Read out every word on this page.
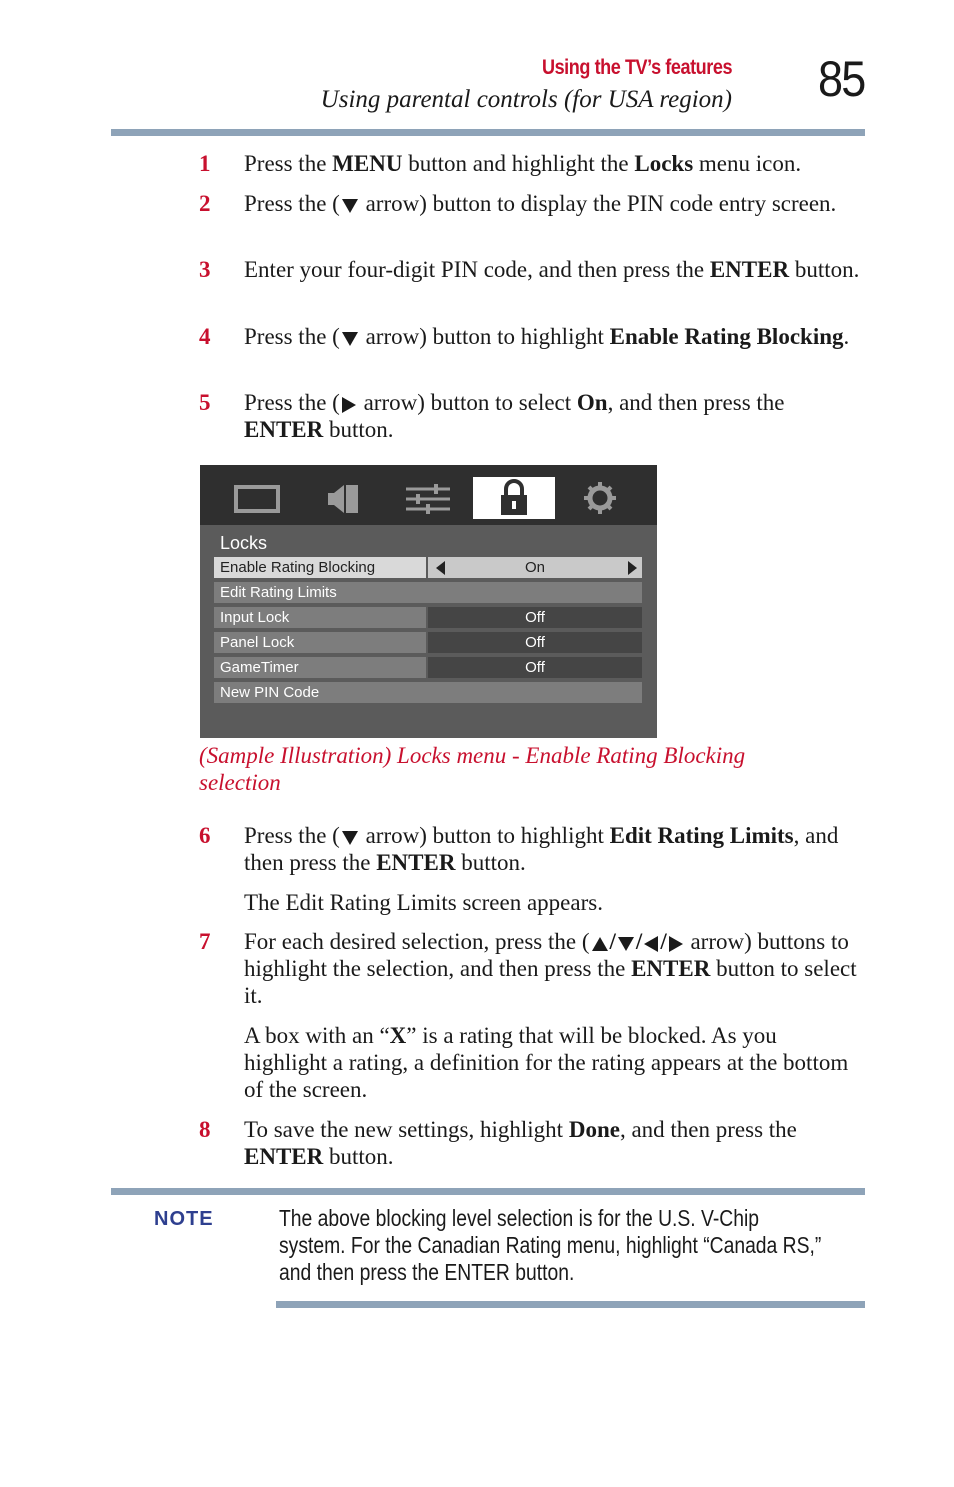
Using the TV’s features
Using parental controls (for USA region) 85
1 Press the MENU button and highlight the Locks menu icon.
2 Press the ( arrow) button to display the PIN code entry screen.
3 Enter your four-digit PIN code, and then press the ENTER button.
4 Press the ( arrow) button to highlight Enable Rating Blocking.
5 Press the ( arrow) button to select On, and then press the ENTER button.
Locks
Enable Rating Blocking	On
Edit Rating Limits
Input Lock	Off
Panel Lock	Off
GameTimer	Off
New PIN Code
(Sample Illustration) Locks menu - Enable Rating Blocking selection
6 Press the ( arrow) button to highlight Edit Rating Limits, and then press the ENTER button.
The Edit Rating Limits screen appears.
7 For each desired selection, press the ( / / / arrow) buttons to highlight the selection, and then press the ENTER button to select it.
A box with an “X” is a rating that will be blocked. As you highlight a rating, a definition for the rating appears at the bottom of the screen.
8 To save the new settings, highlight Done, and then press the ENTER button.
NOTE	The above blocking level selection is for the U.S. V-Chip system. For the Canadian Rating menu, highlight “Canada RS,” and then press the ENTER button.
